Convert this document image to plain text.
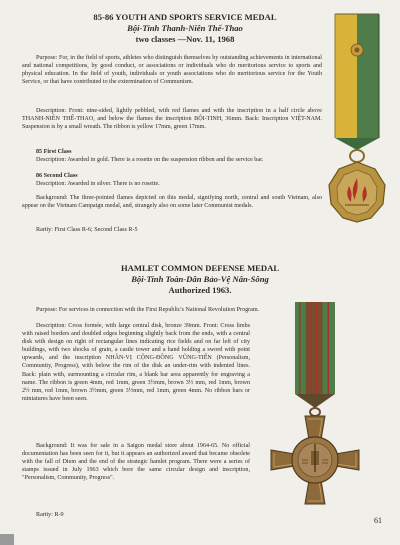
85-86 YOUTH AND SPORTS SERVICE MEDAL
Bội-Tinh Thanh-Niên Thể-Thao
two classes —Nov. 11, 1968

Purpose: For, in the field of sports, athletes who distinguish themselves by outstanding achievements in international and national competitions, by good conduct, or associations or individuals who do meritorious service to sports and physical education. In the field of youth, individuals or youth associations who do meritorious service for the Youth Service, or that have contributed to the extermination of Communism.

Description: Front: nine-sided, lightly pebbled, with red flames and with the inscription in a half circle above THANH-NIÊN THỂ-THAO, and below the flames the inscription BỘI-TINH, 36mm. Back: Inscription VIỆT-NAM. Suspension is by a small wreath. The ribbon is yellow 17mm, green 17mm.

85 First Class

Description: Awarded in gold. There is a rosette on the suspension ribbon and the service bar.

86 Second Class

Description: Awarded in silver. There is no rosette.

Background: The three-pointed flames depicted on this medal, signifying north, central and south Vietnam, also appear on the Vietnam Campaign medal, and, strangely also on some later Communist medals.

Rarity: First Class R-6; Second Class R-5

HAMLET COMMON DEFENSE MEDAL
Bội-Tinh Toàn-Dân Bảo-Vệ Nân-Sông
Authorized 1963.

Purpose: For services in connection with the First Republic's National Revolution Program.

Description: Cross formée, with large central disk, bronze 39mm. Front: Cross limbs with raised borders and doubled edges beginning slightly back from the ends, with a central disk with design on right of rectangular lines indicating rice fields and on far left of city buildings, with two shocks of grain, a castle tower and a hand holding a sword with point upwards, and the inscription NHÂN-VỊ CỘNG-ĐỒNG VŨNG-TIẾN (Personalism, Community, Progress), with below the rim of the disk an under-rim with indented lines. Back: plain with, surmounting a circular rim, a blank bar area apparently for engraving a name. The ribbon is green 4mm, red 1mm, green 3½mm, brown 3½ mm, red 1mm, brown 2½ mm, red 1mm, brown 3½mm, green 3½mm, red 1mm, green 4mm. No ribbon bars or miniatures have been seen.

Background: It was for sale in a Saigon medal store about 1964-65. No official documentation has been seen for it, but it appears an authorized award that became obsolete with the fall of Diem and the end of the strategic hamlet program. There were a series of stamps issued in July 1963 which bore the same circular design and inscription, "Personalism, Community, Progress".

Rarity: R-9

61
